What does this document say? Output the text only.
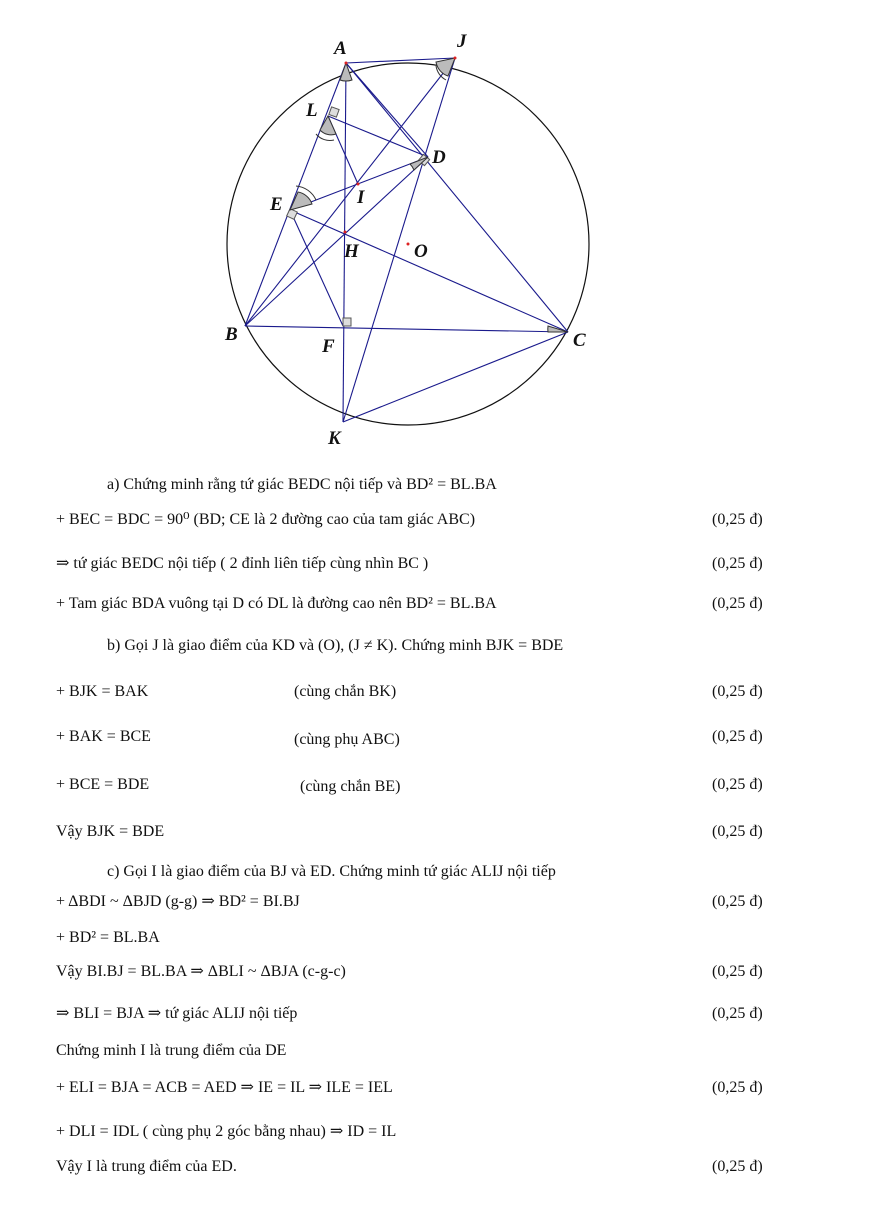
A	J
L
D
I
E
H	O
B
F	C
K
a) Chứng minh rằng tứ giác BEDC nội tiếp và BD² = BL.BA
+ BEC = BDC = 90⁰ (BD; CE là 2 đường cao của tam giác ABC)	(0,25 đ)
⇒ tứ giác BEDC nội tiếp ( 2 đỉnh liên tiếp cùng nhìn BC )	(0,25 đ)
+ Tam giác BDA vuông tại D có DL là đường cao nên BD² = BL.BA	(0,25 đ)
b) Gọi J là giao điểm của KD và (O), (J ≠ K). Chứng minh BJK = BDE
+ BJK = BAK	(cùng chắn BK)	(0,25 đ)
+ BAK = BCE	(cùng phụ ABC)	(0,25 đ)
+ BCE = BDE	(cùng chắn BE)	(0,25 đ)
Vậy BJK = BDE	(0,25 đ)
c) Gọi I là giao điểm của BJ và ED. Chứng minh tứ giác ALIJ nội tiếp
+ ΔBDI ~ ΔBJD (g-g) ⇒ BD² = BI.BJ	(0,25 đ)
+ BD² = BL.BA
Vậy BI.BJ = BL.BA ⇒ ΔBLI ~ ΔBJA (c-g-c)	(0,25 đ)
⇒ BLI = BJA ⇒ tứ giác ALIJ nội tiếp	(0,25 đ)
Chứng minh I là trung điểm của DE
+ ELI = BJA = ACB = AED ⇒ IE = IL ⇒ ILE = IEL	(0,25 đ)
+ DLI = IDL ( cùng phụ 2 góc bằng nhau) ⇒ ID = IL
Vậy I là trung điểm của ED.	(0,25 đ)
